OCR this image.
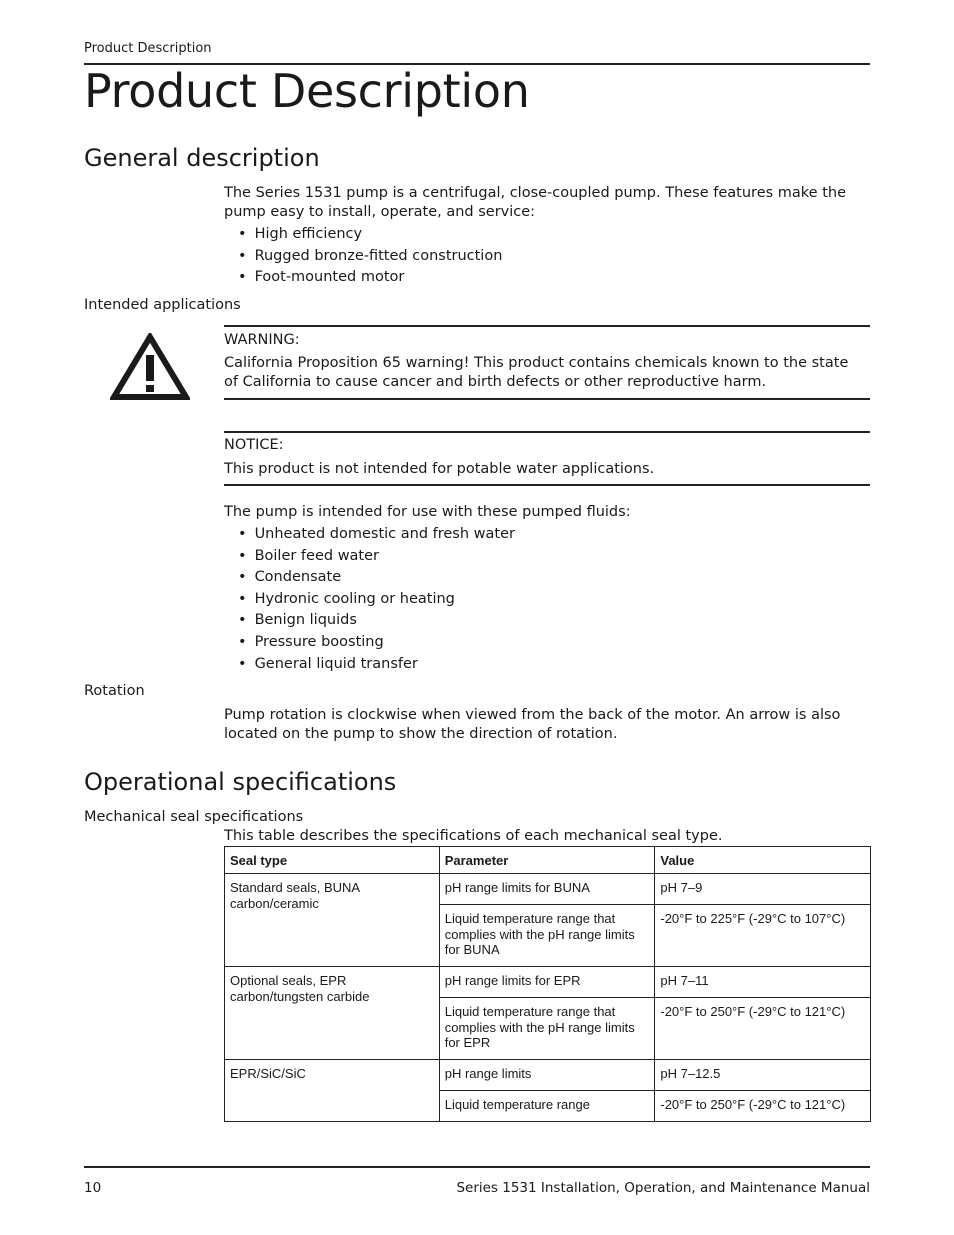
Product Description
Product Description
General description

The Series 1531 pump is a centrifugal, close-coupled pump. These features make the pump easy to install, operate, and service:

• High efficiency
• Rugged bronze-fitted construction
• Foot-mounted motor
Intended applications
WARNING:
California Proposition 65 warning! This product contains chemicals known to the state of California to cause cancer and birth defects or other reproductive harm.
NOTICE:
This product is not intended for potable water applications.

The pump is intended for use with these pumped fluids:

• Unheated domestic and fresh water
• Boiler feed water
• Condensate
• Hydronic cooling or heating
• Benign liquids
• Pressure boosting
• General liquid transfer
Rotation

Pump rotation is clockwise when viewed from the back of the motor. An arrow is also located on the pump to show the direction of rotation.

Operational specifications
Mechanical seal specifications

This table describes the specifications of each mechanical seal type.

Seal type	Parameter	Value
Standard seals, BUNA carbon/ceramic	pH range limits for BUNA	pH 7–9
	Liquid temperature range that complies with the pH range limits for BUNA	-20°F to 225°F (-29°C to 107°C)
Optional seals, EPR carbon/tungsten carbide	pH range limits for EPR	pH 7–11
	Liquid temperature range that complies with the pH range limits for EPR	-20°F to 250°F (-29°C to 121°C)
EPR/SiC/SiC	pH range limits	pH 7–12.5
	Liquid temperature range	-20°F to 250°F (-29°C to 121°C)
10	Series 1531 Installation, Operation, and Maintenance Manual
